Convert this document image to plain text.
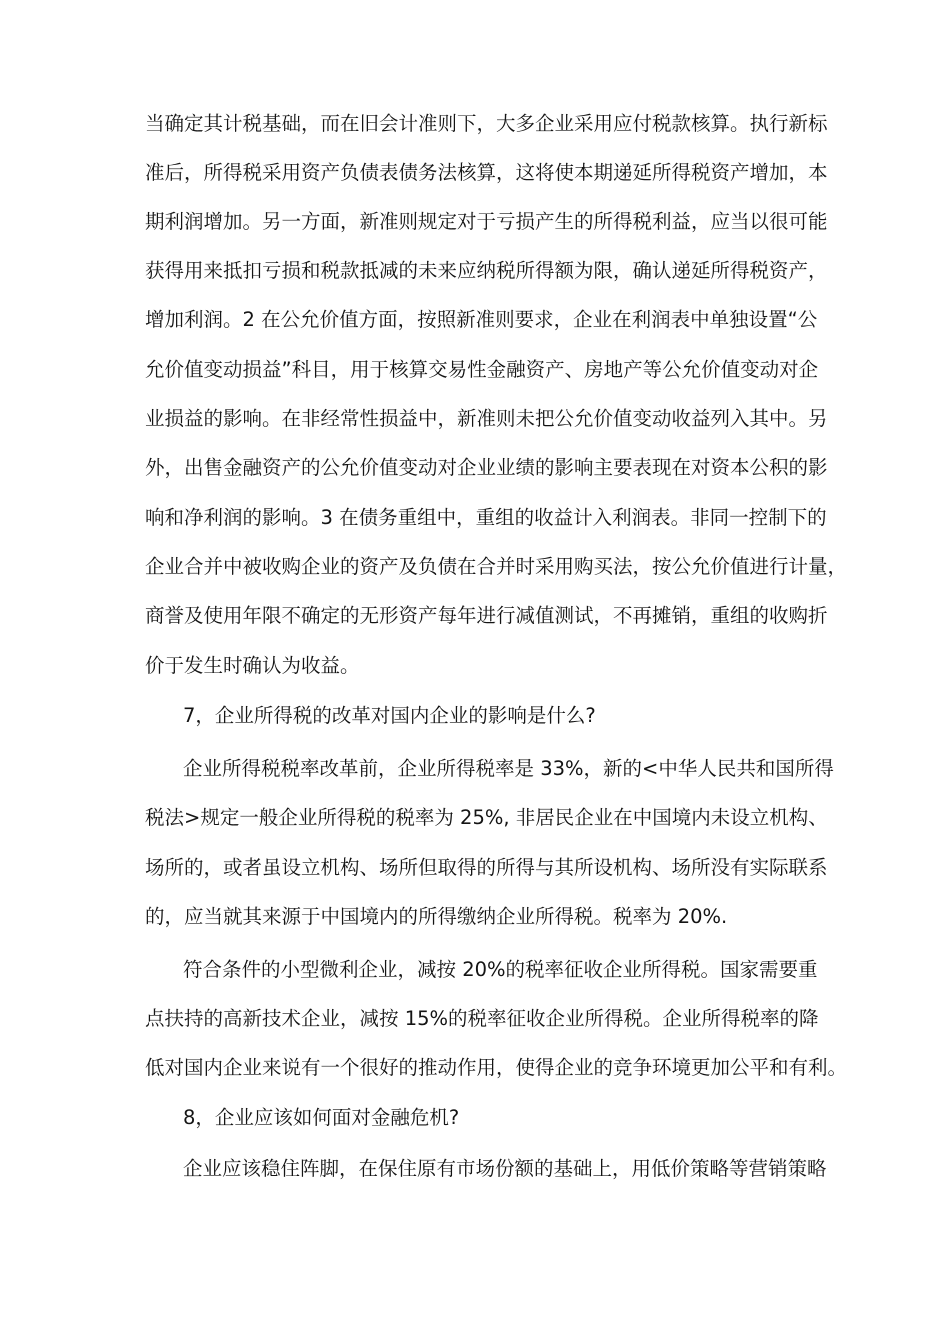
当确定其计税基础，而在旧会计准则下，大多企业采用应付税款核算。执行新标
准后，所得税采用资产负债表债务法核算，这将使本期递延所得税资产增加，本
期利润增加。另一方面，新准则规定对于亏损产生的所得税利益，应当以很可能
获得用来抵扣亏损和税款抵减的未来应纳税所得额为限，确认递延所得税资产，
增加利润。2 在公允价值方面，按照新准则要求，企业在利润表中单独设置“公
允价值变动损益”科目，用于核算交易性金融资产、房地产等公允价值变动对企
业损益的影响。在非经常性损益中，新准则未把公允价值变动收益列入其中。另
外，出售金融资产的公允价值变动对企业业绩的影响主要表现在对资本公积的影
响和净利润的影响。3 在债务重组中，重组的收益计入利润表。非同一控制下的
企业合并中被收购企业的资产及负债在合并时采用购买法，按公允价值进行计量，
商誉及使用年限不确定的无形资产每年进行减值测试，不再摊销，重组的收购折
价于发生时确认为收益。
7，企业所得税的改革对国内企业的影响是什么?
企业所得税税率改革前，企业所得税率是 33%，新的<中华人民共和国所得
税法>规定一般企业所得税的税率为 25%, 非居民企业在中国境内未设立机构、
场所的，或者虽设立机构、场所但取得的所得与其所设机构、场所没有实际联系
的，应当就其来源于中国境内的所得缴纳企业所得税。税率为 20%.
符合条件的小型微利企业，减按 20%的税率征收企业所得税。国家需要重
点扶持的高新技术企业，减按 15%的税率征收企业所得税。企业所得税率的降
低对国内企业来说有一个很好的推动作用，使得企业的竞争环境更加公平和有利。
8，企业应该如何面对金融危机?
企业应该稳住阵脚，在保住原有市场份额的基础上，用低价策略等营销策略
